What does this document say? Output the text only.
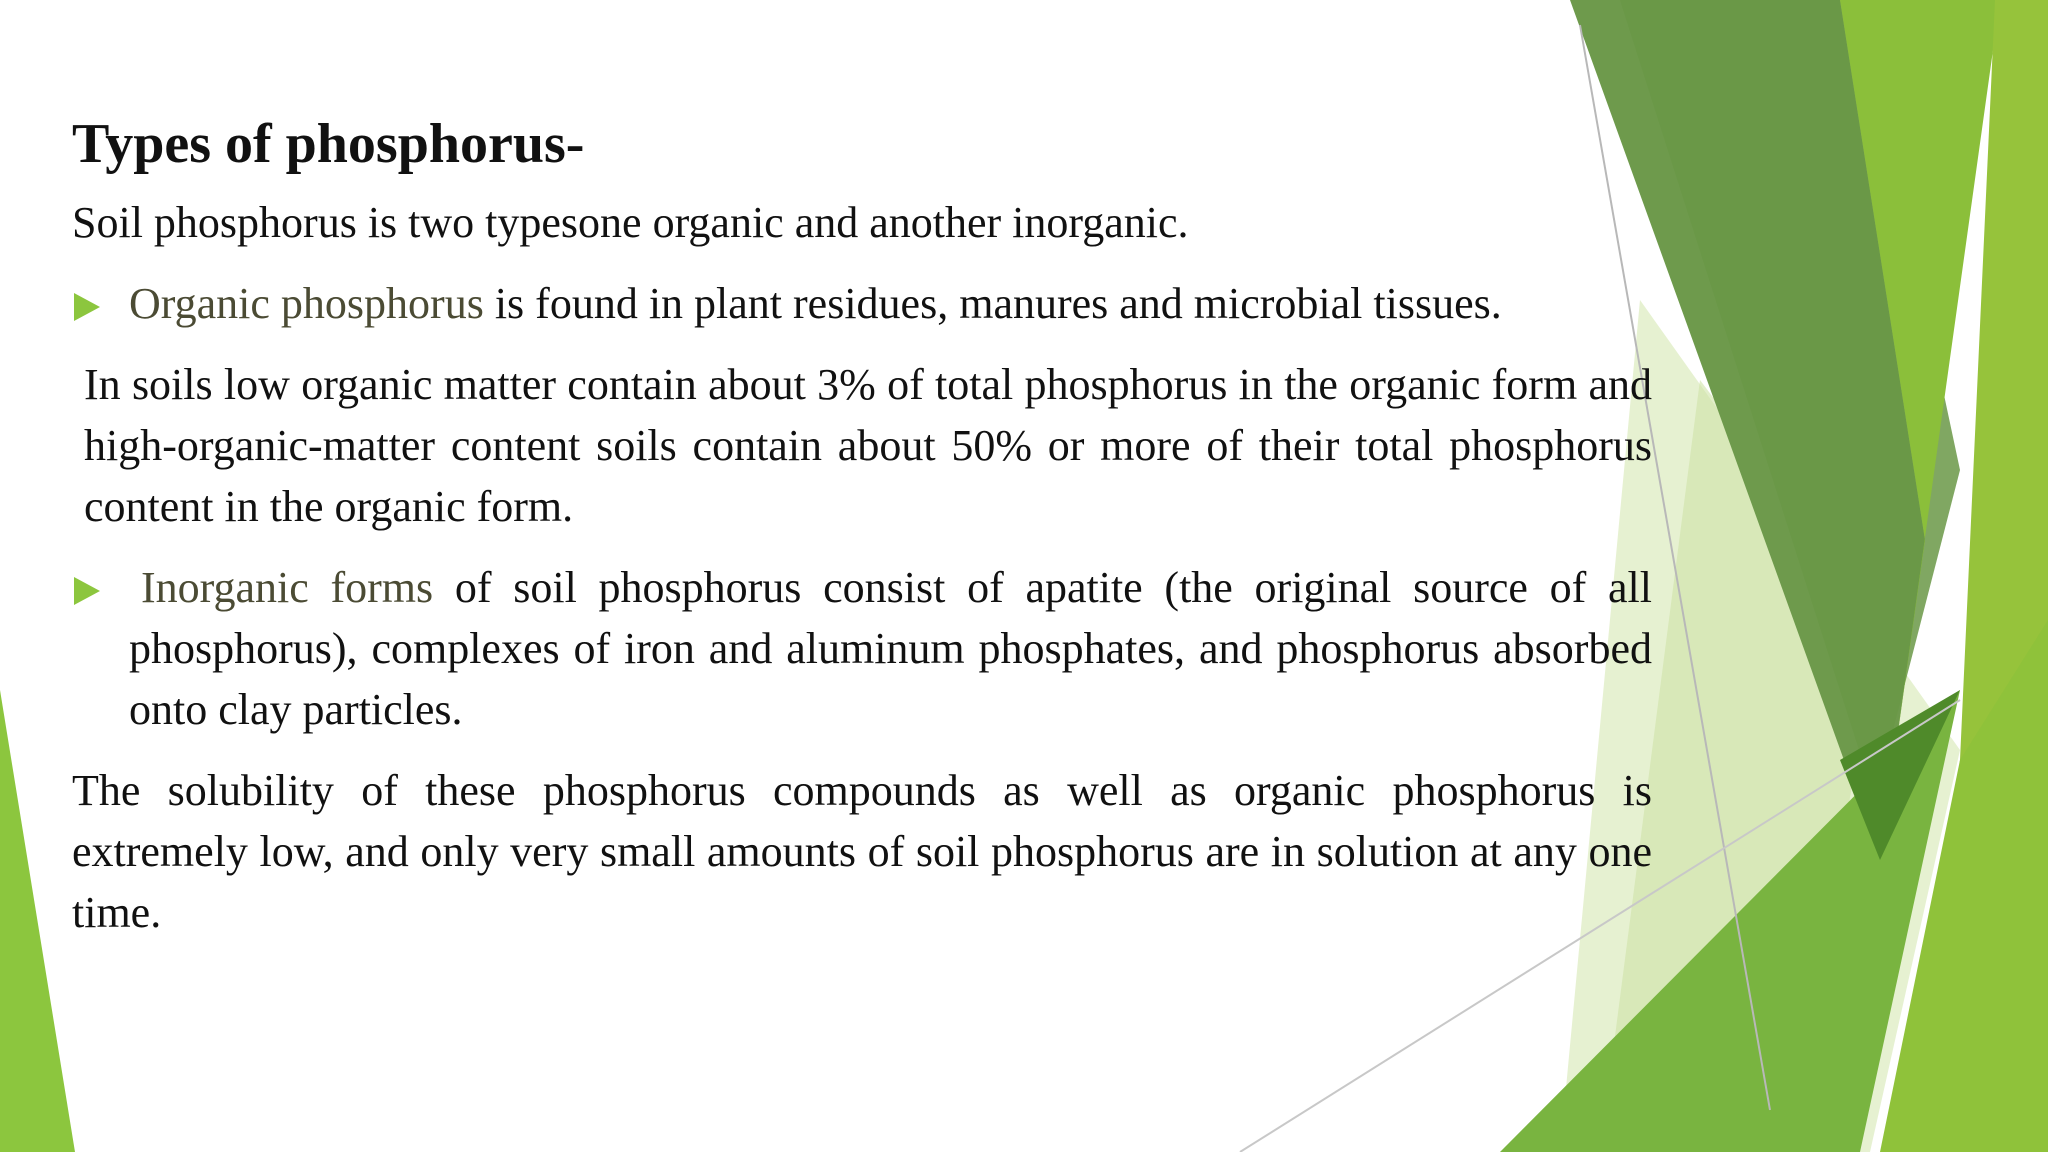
Types of phosphorus-
Soil phosphorus is two typesone organic and another inorganic.
Organic phosphorus is found in plant residues, manures and microbial tissues.
In soils low organic matter contain about 3% of total phosphorus in the organic form and high-organic-matter content soils contain about 50% or more of their total phosphorus content in the organic form.
Inorganic forms of soil phosphorus consist of apatite (the original source of all phosphorus), complexes of iron and aluminum phosphates, and phosphorus absorbed onto clay particles.
The solubility of these phosphorus compounds as well as organic phosphorus is extremely low, and only very small amounts of soil phosphorus are in solution at any one time.
